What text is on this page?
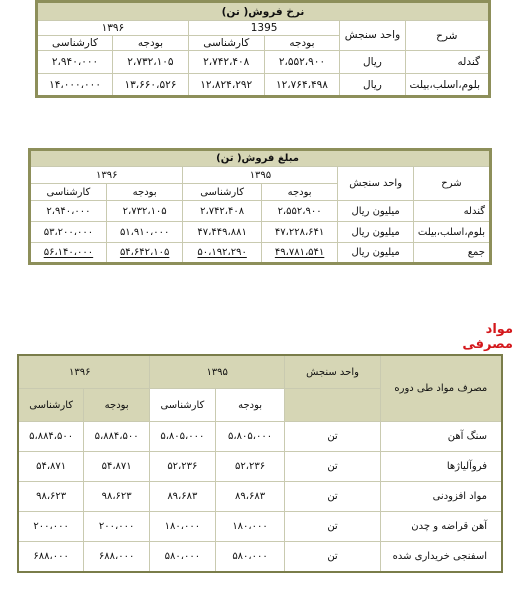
نرخ فروش( تن)					
شرح	واحد سنجش	1395		۱۳۹۶	
		بودجه	کارشناسی	بودجه	کارشناسی
گندله	ریال	۲،۵۵۲،۹۰۰	۲،۷۴۲،۴۰۸	۲،۷۳۲،۱۰۵	۲،۹۴۰،۰۰۰
بلوم،اسلب،بیلت	ریال	۱۲،۷۶۴،۴۹۸	۱۲،۸۲۴،۲۹۲	۱۳،۶۶۰،۵۲۶	۱۴،۰۰۰،۰۰۰
مبلغ فروش( تن)					
شرح	واحد سنجش	۱۳۹۵		۱۳۹۶	
		بودجه	کارشناسی	بودجه	کارشناسی
گندله	میلیون ریال	۲،۵۵۲،۹۰۰	۲،۷۴۲،۴۰۸	۲،۷۳۲،۱۰۵	۲،۹۴۰،۰۰۰
بلوم،اسلب،بیلت	میلیون ریال	۴۷،۲۲۸،۶۴۱	۴۷،۴۴۹،۸۸۱	۵۱،۹۱۰،۰۰۰	۵۳،۲۰۰،۰۰۰
جمع	میلیون ریال	۴۹،۷۸۱،۵۴۱	۵۰،۱۹۲،۲۹۰	۵۴،۶۴۲،۱۰۵	۵۶،۱۴۰،۰۰۰
مواد مصرفی
مصرف مواد طی دوره	واحد سنجش	۱۳۹۵		۱۳۹۶	
		بودجه	کارشناسی	بودجه	کارشناسی
سنگ آهن	تن	۵،۸۰۵،۰۰۰	۵،۸۰۵،۰۰۰	۵،۸۸۴،۵۰۰	۵،۸۸۴،۵۰۰
فروآلیاژها	تن	۵۲،۲۳۶	۵۲،۲۳۶	۵۴،۸۷۱	۵۴،۸۷۱
مواد افزودنی	تن	۸۹،۶۸۳	۸۹،۶۸۳	۹۸،۶۲۳	۹۸،۶۲۳
آهن قراضه و چدن	تن	۱۸۰،۰۰۰	۱۸۰،۰۰۰	۲۰۰،۰۰۰	۲۰۰،۰۰۰
اسفنجی خریداری شده	تن	۵۸۰،۰۰۰	۵۸۰،۰۰۰	۶۸۸،۰۰۰	۶۸۸،۰۰۰
